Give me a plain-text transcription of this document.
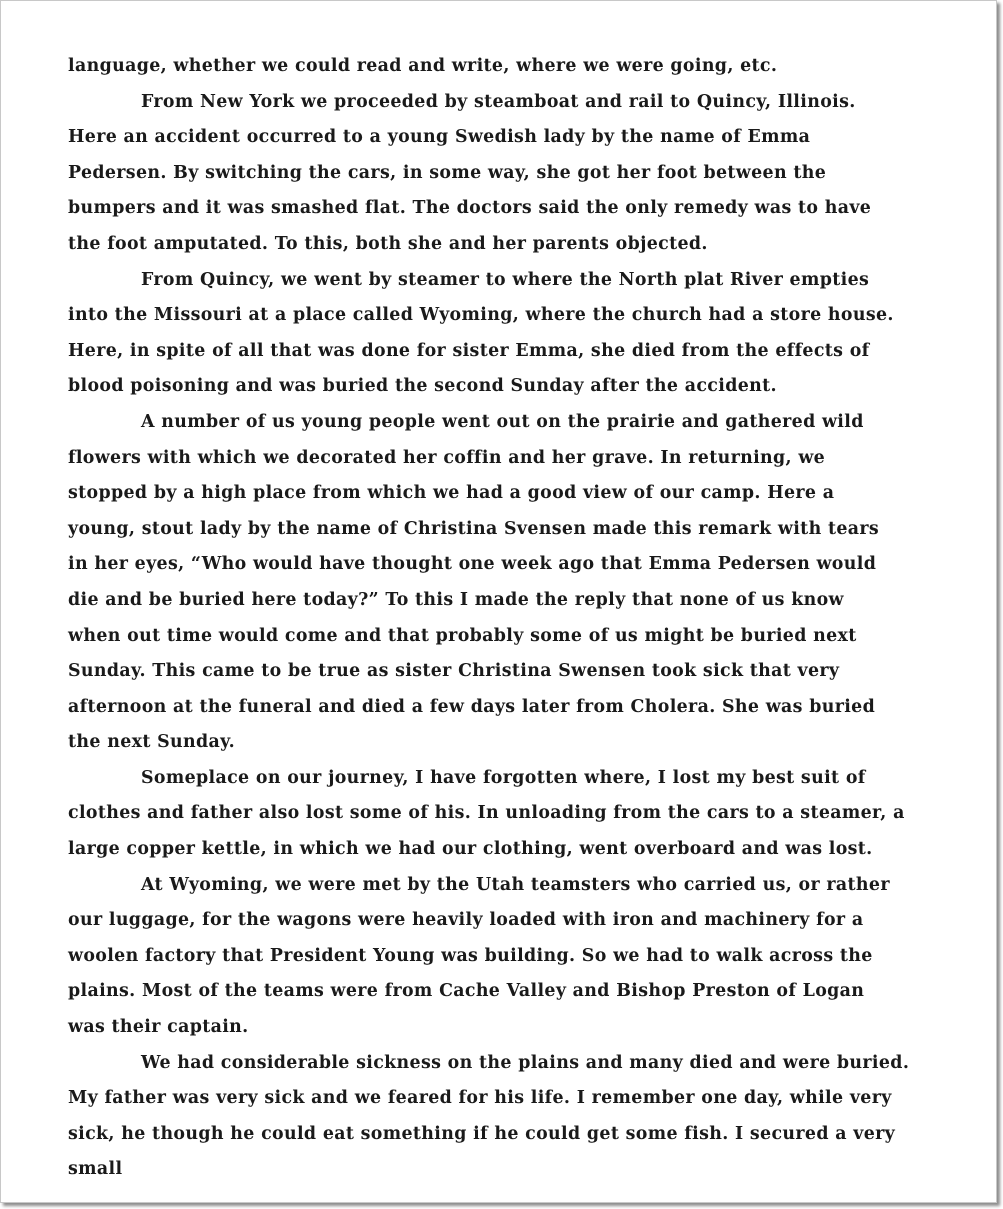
language, whether we could read and write, where we were going, etc.
From New York we proceeded by steamboat and rail to Quincy, Illinois.
Here an accident occurred to a young Swedish lady by the name of Emma
Pedersen. By switching the cars, in some way, she got her foot between the
bumpers and it was smashed flat. The doctors said the only remedy was to have
the foot amputated. To this, both she and her parents objected.
From Quincy, we went by steamer to where the North plat River empties
into the Missouri at a place called Wyoming, where the church had a store house.
Here, in spite of all that was done for sister Emma, she died from the effects of
blood poisoning and was buried the second Sunday after the accident.
A number of us young people went out on the prairie and gathered wild
flowers with which we decorated her coffin and her grave. In returning, we
stopped by a high place from which we had a good view of our camp. Here a
young, stout lady by the name of Christina Svensen made this remark with tears
in her eyes, “Who would have thought one week ago that Emma Pedersen would
die and be buried here today?” To this I made the reply that none of us know
when out time would come and that probably some of us might be buried next
Sunday. This came to be true as sister Christina Swensen took sick that very
afternoon at the funeral and died a few days later from Cholera. She was buried
the next Sunday.
Someplace on our journey, I have forgotten where, I lost my best suit of
clothes and father also lost some of his. In unloading from the cars to a steamer, a
large copper kettle, in which we had our clothing, went overboard and was lost.
At Wyoming, we were met by the Utah teamsters who carried us, or rather
our luggage, for the wagons were heavily loaded with iron and machinery for a
woolen factory that President Young was building. So we had to walk across the
plains. Most of the teams were from Cache Valley and Bishop Preston of Logan
was their captain.
We had considerable sickness on the plains and many died and were buried.
My father was very sick and we feared for his life. I remember one day, while very
sick, he though he could eat something if he could get some fish. I secured a very
small
